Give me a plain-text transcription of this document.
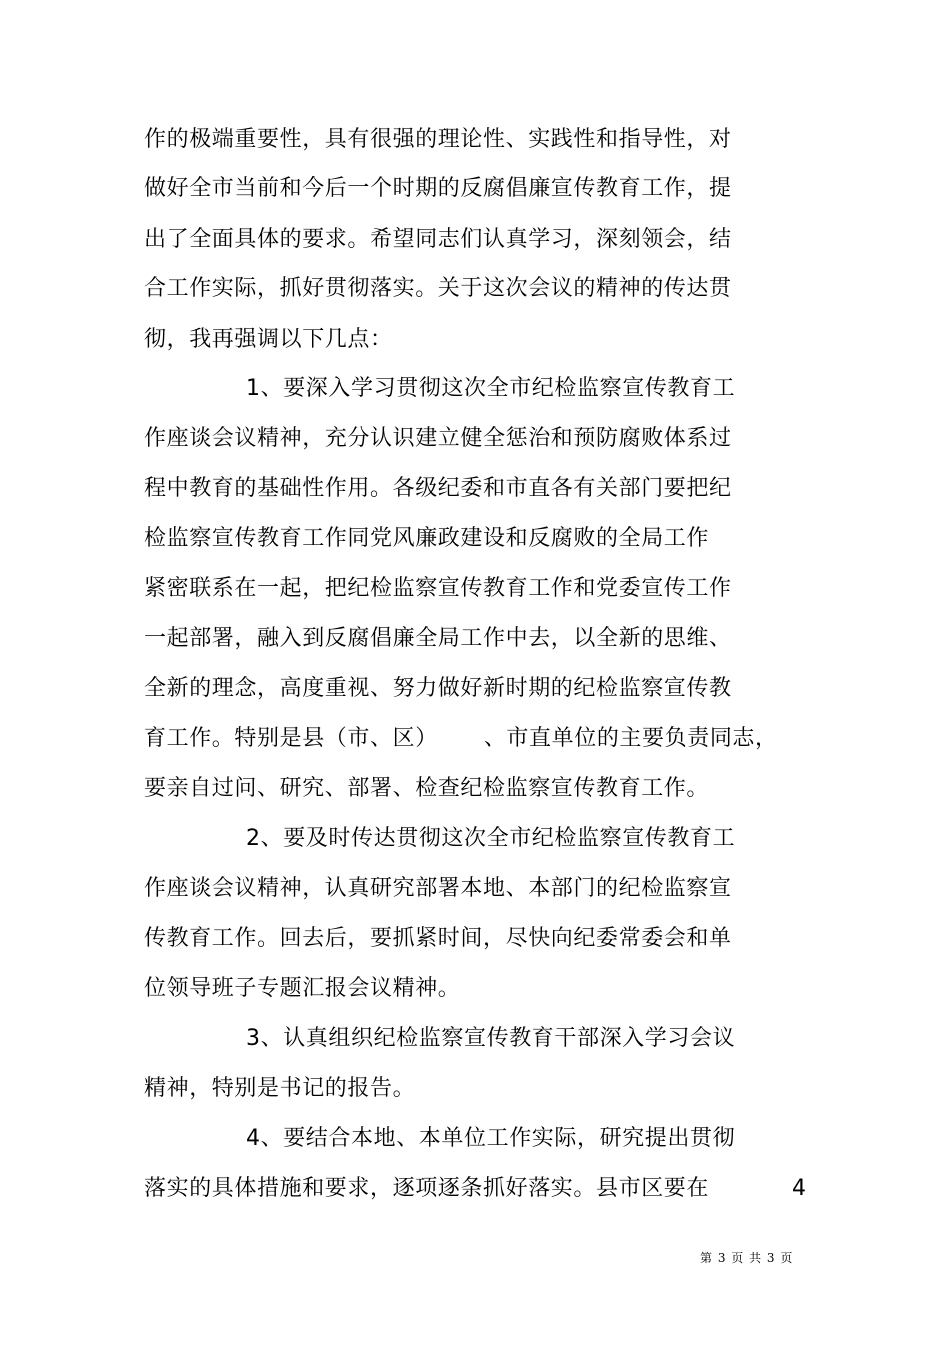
作的极端重要性，具有很强的理论性、实践性和指导性，对
做好全市当前和今后一个时期的反腐倡廉宣传教育工作，提
出了全面具体的要求。希望同志们认真学习，深刻领会，结
合工作实际，抓好贯彻落实。关于这次会议的精神的传达贯
彻，我再强调以下几点：
1、要深入学习贯彻这次全市纪检监察宣传教育工
作座谈会议精神，充分认识建立健全惩治和预防腐败体系过
程中教育的基础性作用。各级纪委和市直各有关部门要把纪
检监察宣传教育工作同党风廉政建设和反腐败的全局工作
紧密联系在一起，把纪检监察宣传教育工作和党委宣传工作
一起部署，融入到反腐倡廉全局工作中去，以全新的思维、
全新的理念，高度重视、努力做好新时期的纪检监察宣传教
育工作。特别是县（市、区） 、市直单位的主要负责同志，
要亲自过问、研究、部署、检查纪检监察宣传教育工作。
2、要及时传达贯彻这次全市纪检监察宣传教育工
作座谈会议精神，认真研究部署本地、本部门的纪检监察宣
传教育工作。回去后，要抓紧时间，尽快向纪委常委会和单
位领导班子专题汇报会议精神。
3、认真组织纪检监察宣传教育干部深入学习会议
精神，特别是书记的报告。
4、要结合本地、本单位工作实际，研究提出贯彻
落实的具体措施和要求，逐项逐条抓好落实。县市区要在	4
第 3 页 共 3 页
